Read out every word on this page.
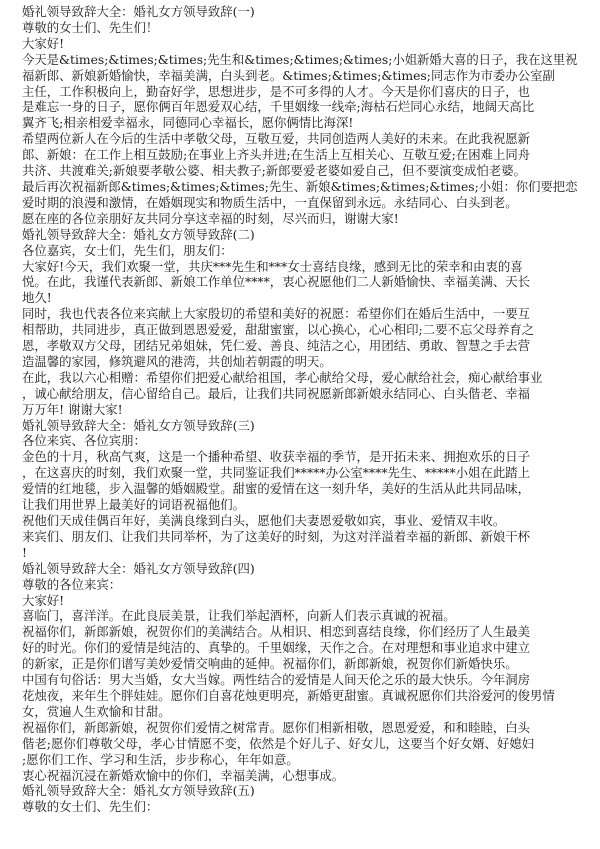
婚礼领导致辞大全：婚礼女方领导致辞(一)
尊敬的女士们、先生们！
大家好!
今天是&times;&times;&times;先生和&times;&times;&times;小姐新婚大喜的日子，我在这里祝
福新郎、新娘新婚愉快，幸福美满，白头到老。&times;&times;&times;同志作为市委办公室副
主任，工作积极向上，勤奋好学，思想进步，是不可多得的人才。今天是你们喜庆的日子，也
是难忘一身的日子，愿你俩百年恩爱双心结，千里姻缘一线牵;海枯石烂同心永结，地阔天高比
翼齐飞;相亲相爱幸福永，同德同心幸福长，愿你俩情比海深!
希望两位新人在今后的生活中孝敬父母，互敬互爱，共同创造两人美好的未来。在此我祝愿新
郎、新娘：在工作上相互鼓励;在事业上齐头并进;在生活上互相关心、互敬互爱;在困难上同舟
共济、共渡难关;新娘要孝敬公婆、相夫教子;新郎要爱老婆如爱自己，但不要演变成怕老婆。
最后再次祝福新郎&times;&times;&times;先生、新娘&times;&times;&times;小姐：你们要把恋
爱时期的浪漫和激情，在婚姻现实和物质生活中，一直保留到永远。永结同心、白头到老。
愿在座的各位亲朋好友共同分享这幸福的时刻，尽兴而归，谢谢大家!
婚礼领导致辞大全：婚礼女方领导致辞(二)
各位嘉宾，女士们，先生们，朋友们：
大家好!今天，我们欢聚一堂，共庆***先生和***女士喜结良缘，感到无比的荣幸和由衷的喜
悦。在此，我谨代表新郎、新娘工作单位****，衷心祝愿他们二人新婚愉快、幸福美满、天长
地久!
同时，我也代表各位来宾献上大家殷切的希望和美好的祝愿：希望你们在婚后生活中，一要互
相帮助，共同进步，真正做到恩恩爱爱，甜甜蜜蜜，以心换心，心心相印;二要不忘父母养育之
恩，孝敬双方父母，团结兄弟姐妹，凭仁爱、善良、纯洁之心，用团结、勇敢、智慧之手去营
造温馨的家园，修筑避风的港湾，共创灿若朝霞的明天。
在此，我以六心相赠：希望你们把爱心献给祖国，孝心献给父母，爱心献给社会，痴心献给事业
，诚心献给朋友，信心留给自己。最后，让我们共同祝愿新郎新娘永结同心、白头偕老、幸福
万万年! 谢谢大家!
婚礼领导致辞大全：婚礼女方领导致辞(三)
各位来宾、各位宾朋：
金色的十月，秋高气爽，这是一个播种希望、收获幸福的季节，是开拓未来、拥抱欢乐的日子
，在这喜庆的时刻，我们欢聚一堂，共同鉴证我们*****办公室****先生、*****小姐在此踏上
爱情的红地毯，步入温馨的婚姻殿堂。甜蜜的爱情在这一刻升华，美好的生活从此共同品味，
让我们用世界上最美好的词语祝福他们。
祝他们天成佳偶百年好，美满良缘到白头，愿他们夫妻恩爱敬如宾，事业、爱情双丰收。
来宾们、朋友们、让我们共同举杯，为了这美好的时刻，为这对洋溢着幸福的新郎、新娘干杯
!
婚礼领导致辞大全：婚礼女方领导致辞(四)
尊敬的各位来宾：
大家好!
喜临门，喜洋洋。在此良辰美景，让我们举起酒杯，向新人们表示真诚的祝福。
祝福你们，新郎新娘，祝贺你们的美满结合。从相识、相恋到喜结良缘，你们经历了人生最美
好的时光。你们的爱情是纯洁的、真挚的。千里姻缘，天作之合。在对理想和事业追求中建立
的新家，正是你们谱写美妙爱情交响曲的延伸。祝福你们，新郎新娘，祝贺你们新婚快乐。
中国有句俗话：男大当婚，女大当嫁。两性结合的爱情是人间天伦之乐的最大快乐。今年洞房
花烛夜，来年生个胖娃娃。愿你们自喜花烛更明亮，新婚更甜蜜。真诚祝愿你们共浴爱河的俊男情
女，赏遍人生欢愉和甘甜。
祝福你们，新郎新娘，祝贺你们爱情之树常青。愿你们相新相敬，恩恩爱爱，和和睦睦，白头
偕老;愿你们尊敬父母，孝心甘情愿不变，依然是个好儿子、好女儿，这要当个好女婿、好媳妇
;愿你们工作、学习和生活，步步称心，年年如意。
衷心祝福沉浸在新婚欢愉中的你们，幸福美满，心想事成。
婚礼领导致辞大全：婚礼女方领导致辞(五)
尊敬的女士们、先生们：
